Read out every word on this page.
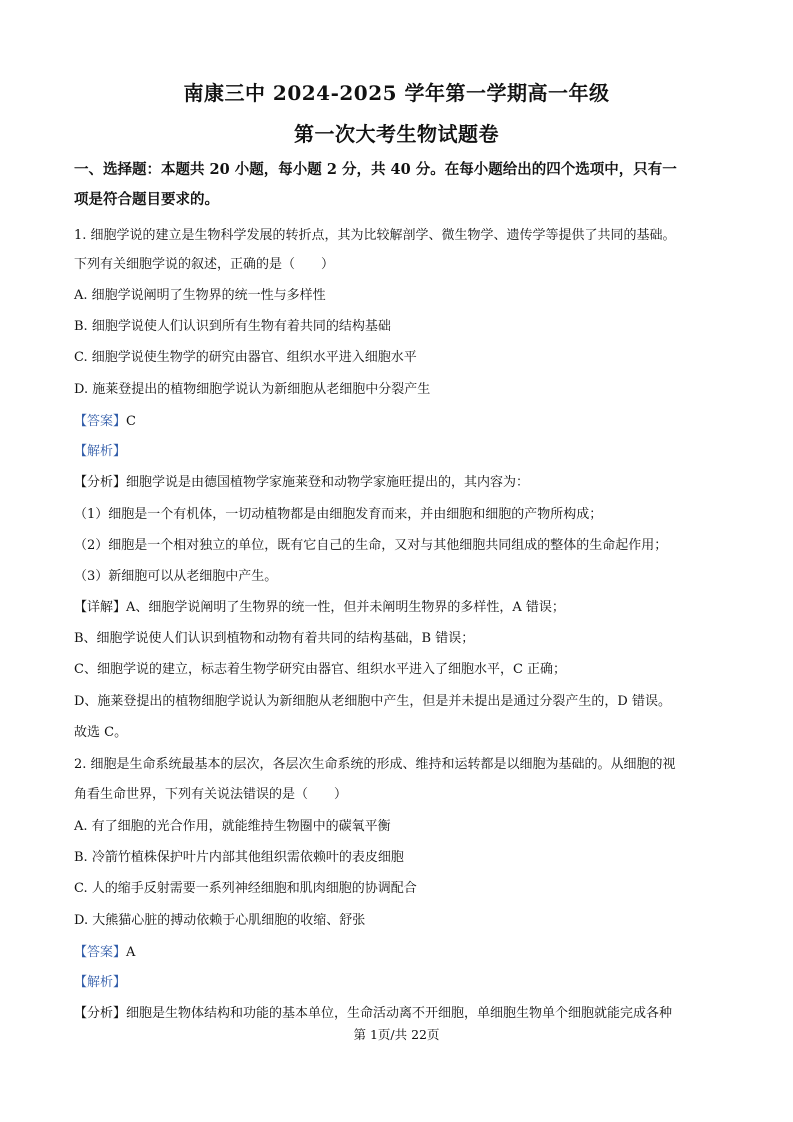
南康三中 2024-2025 学年第一学期高一年级
第一次大考生物试题卷
一、选择题：本题共 20 小题，每小题 2 分，共 40 分。在每小题给出的四个选项中，只有一
项是符合题目要求的。
1. 细胞学说的建立是生物科学发展的转折点，其为比较解剖学、微生物学、遗传学等提供了共同的基础。
下列有关细胞学说的叙述，正确的是（　　）
A. 细胞学说阐明了生物界的统一性与多样性
B. 细胞学说使人们认识到所有生物有着共同的结构基础
C. 细胞学说使生物学的研究由器官、组织水平进入细胞水平
D. 施莱登提出的植物细胞学说认为新细胞从老细胞中分裂产生
【答案】C
【解析】
【分析】细胞学说是由德国植物学家施莱登和动物学家施旺提出的，其内容为：
（1）细胞是一个有机体，一切动植物都是由细胞发育而来，并由细胞和细胞的产物所构成；
（2）细胞是一个相对独立的单位，既有它自己的生命，又对与其他细胞共同组成的整体的生命起作用；
（3）新细胞可以从老细胞中产生。
【详解】A、细胞学说阐明了生物界的统一性，但并未阐明生物界的多样性，A 错误；
B、细胞学说使人们认识到植物和动物有着共同的结构基础，B 错误；
C、细胞学说的建立，标志着生物学研究由器官、组织水平进入了细胞水平，C 正确；
D、施莱登提出的植物细胞学说认为新细胞从老细胞中产生，但是并未提出是通过分裂产生的，D 错误。
故选 C。
2. 细胞是生命系统最基本的层次，各层次生命系统的形成、维持和运转都是以细胞为基础的。从细胞的视
角看生命世界，下列有关说法错误的是（　　）
A. 有了细胞的光合作用，就能维持生物圈中的碳氧平衡
B. 冷箭竹植株保护叶片内部其他组织需依赖叶的表皮细胞
C. 人的缩手反射需要一系列神经细胞和肌肉细胞的协调配合
D. 大熊猫心脏的搏动依赖于心肌细胞的收缩、舒张
【答案】A
【解析】
【分析】细胞是生物体结构和功能的基本单位，生命活动离不开细胞，单细胞生物单个细胞就能完成各种
第 1页/共 22页
